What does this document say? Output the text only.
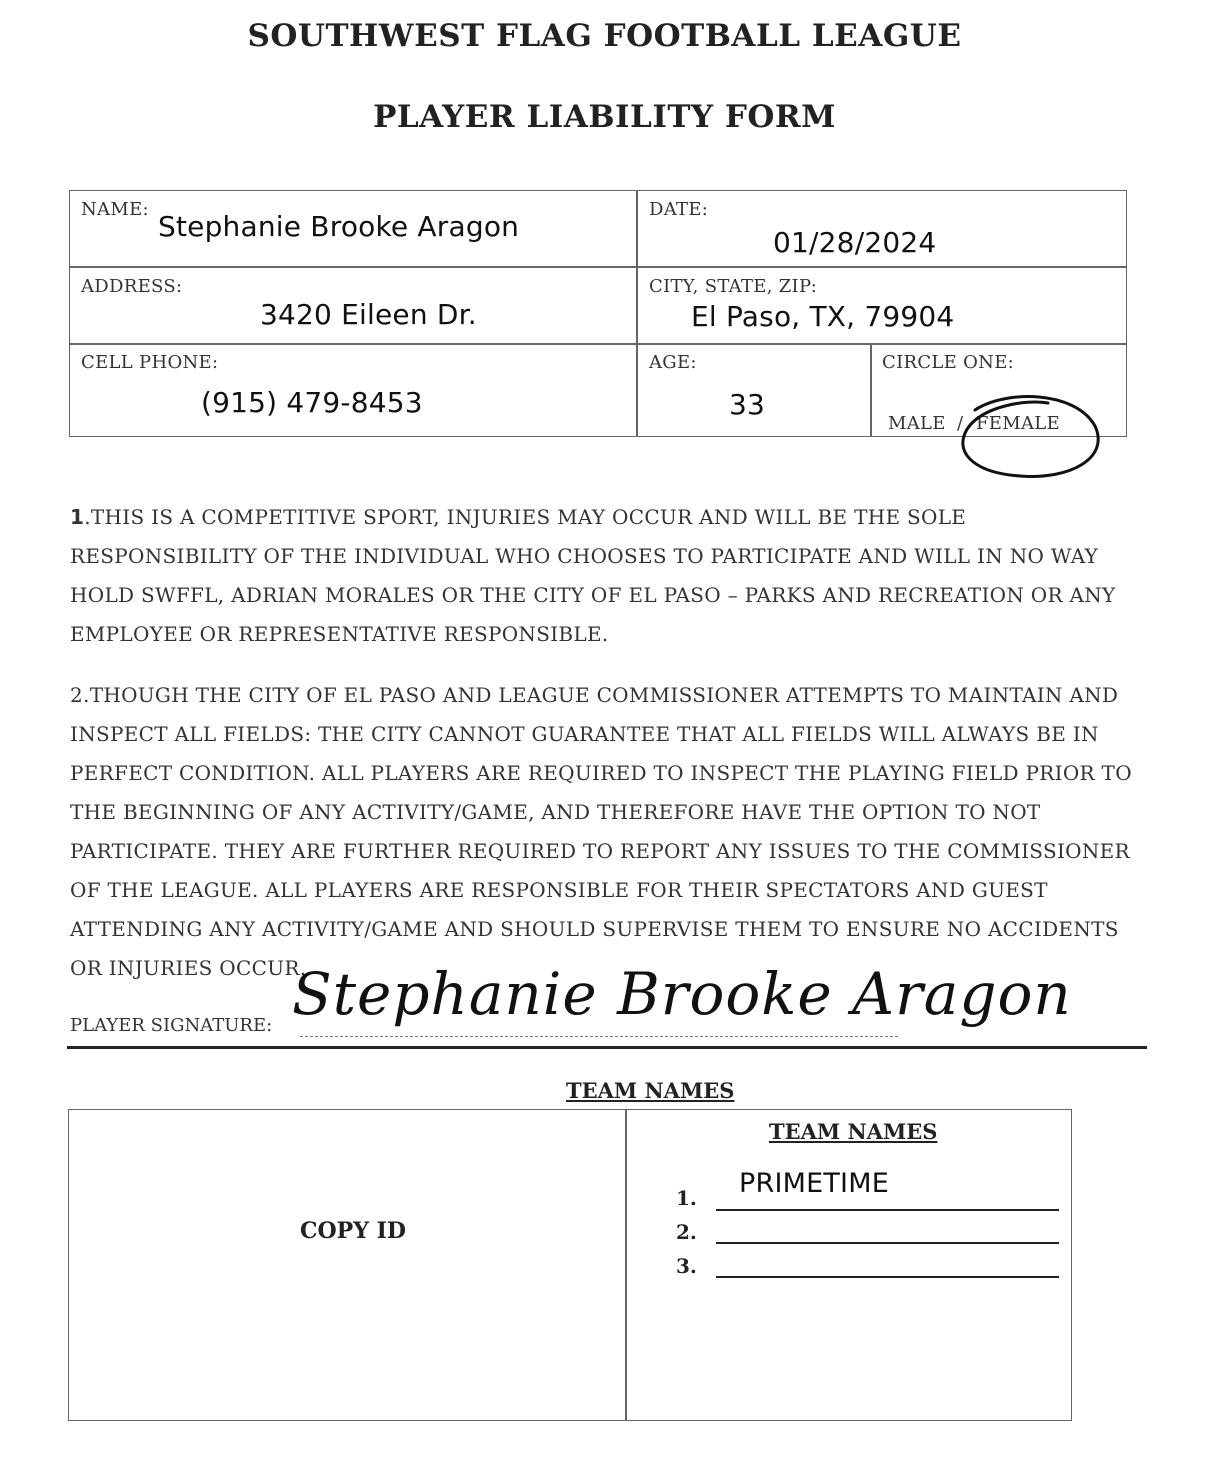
SOUTHWEST FLAG FOOTBALL LEAGUE
PLAYER LIABILITY FORM
NAME:
Stephanie Brooke Aragon
DATE:
01/28/2024
ADDRESS:
3420 Eileen Dr.
CITY, STATE, ZIP:
El Paso, TX, 79904
CELL PHONE:
(915) 479-8453
AGE:
33
CIRCLE ONE:
MALE / FEMALE
1.THIS IS A COMPETITIVE SPORT, INJURIES MAY OCCUR AND WILL BE THE SOLE RESPONSIBILITY OF THE INDIVIDUAL WHO CHOOSES TO PARTICIPATE AND WILL IN NO WAY HOLD SWFFL, ADRIAN MORALES OR THE CITY OF EL PASO – PARKS AND RECREATION OR ANY EMPLOYEE OR REPRESENTATIVE RESPONSIBLE.
2.THOUGH THE CITY OF EL PASO AND LEAGUE COMMISSIONER ATTEMPTS TO MAINTAIN AND INSPECT ALL FIELDS: THE CITY CANNOT GUARANTEE THAT ALL FIELDS WILL ALWAYS BE IN PERFECT CONDITION. ALL PLAYERS ARE REQUIRED TO INSPECT THE PLAYING FIELD PRIOR TO THE BEGINNING OF ANY ACTIVITY/GAME, AND THEREFORE HAVE THE OPTION TO NOT PARTICIPATE. THEY ARE FURTHER REQUIRED TO REPORT ANY ISSUES TO THE COMMISSIONER OF THE LEAGUE. ALL PLAYERS ARE RESPONSIBLE FOR THEIR SPECTATORS AND GUEST ATTENDING ANY ACTIVITY/GAME AND SHOULD SUPERVISE THEM TO ENSURE NO ACCIDENTS OR INJURIES OCCUR.
PLAYER SIGNATURE: Stephanie Brooke Aragon
TEAM NAMES
COPY ID
TEAM NAMES
1. PRIMETIME
2.
3.
